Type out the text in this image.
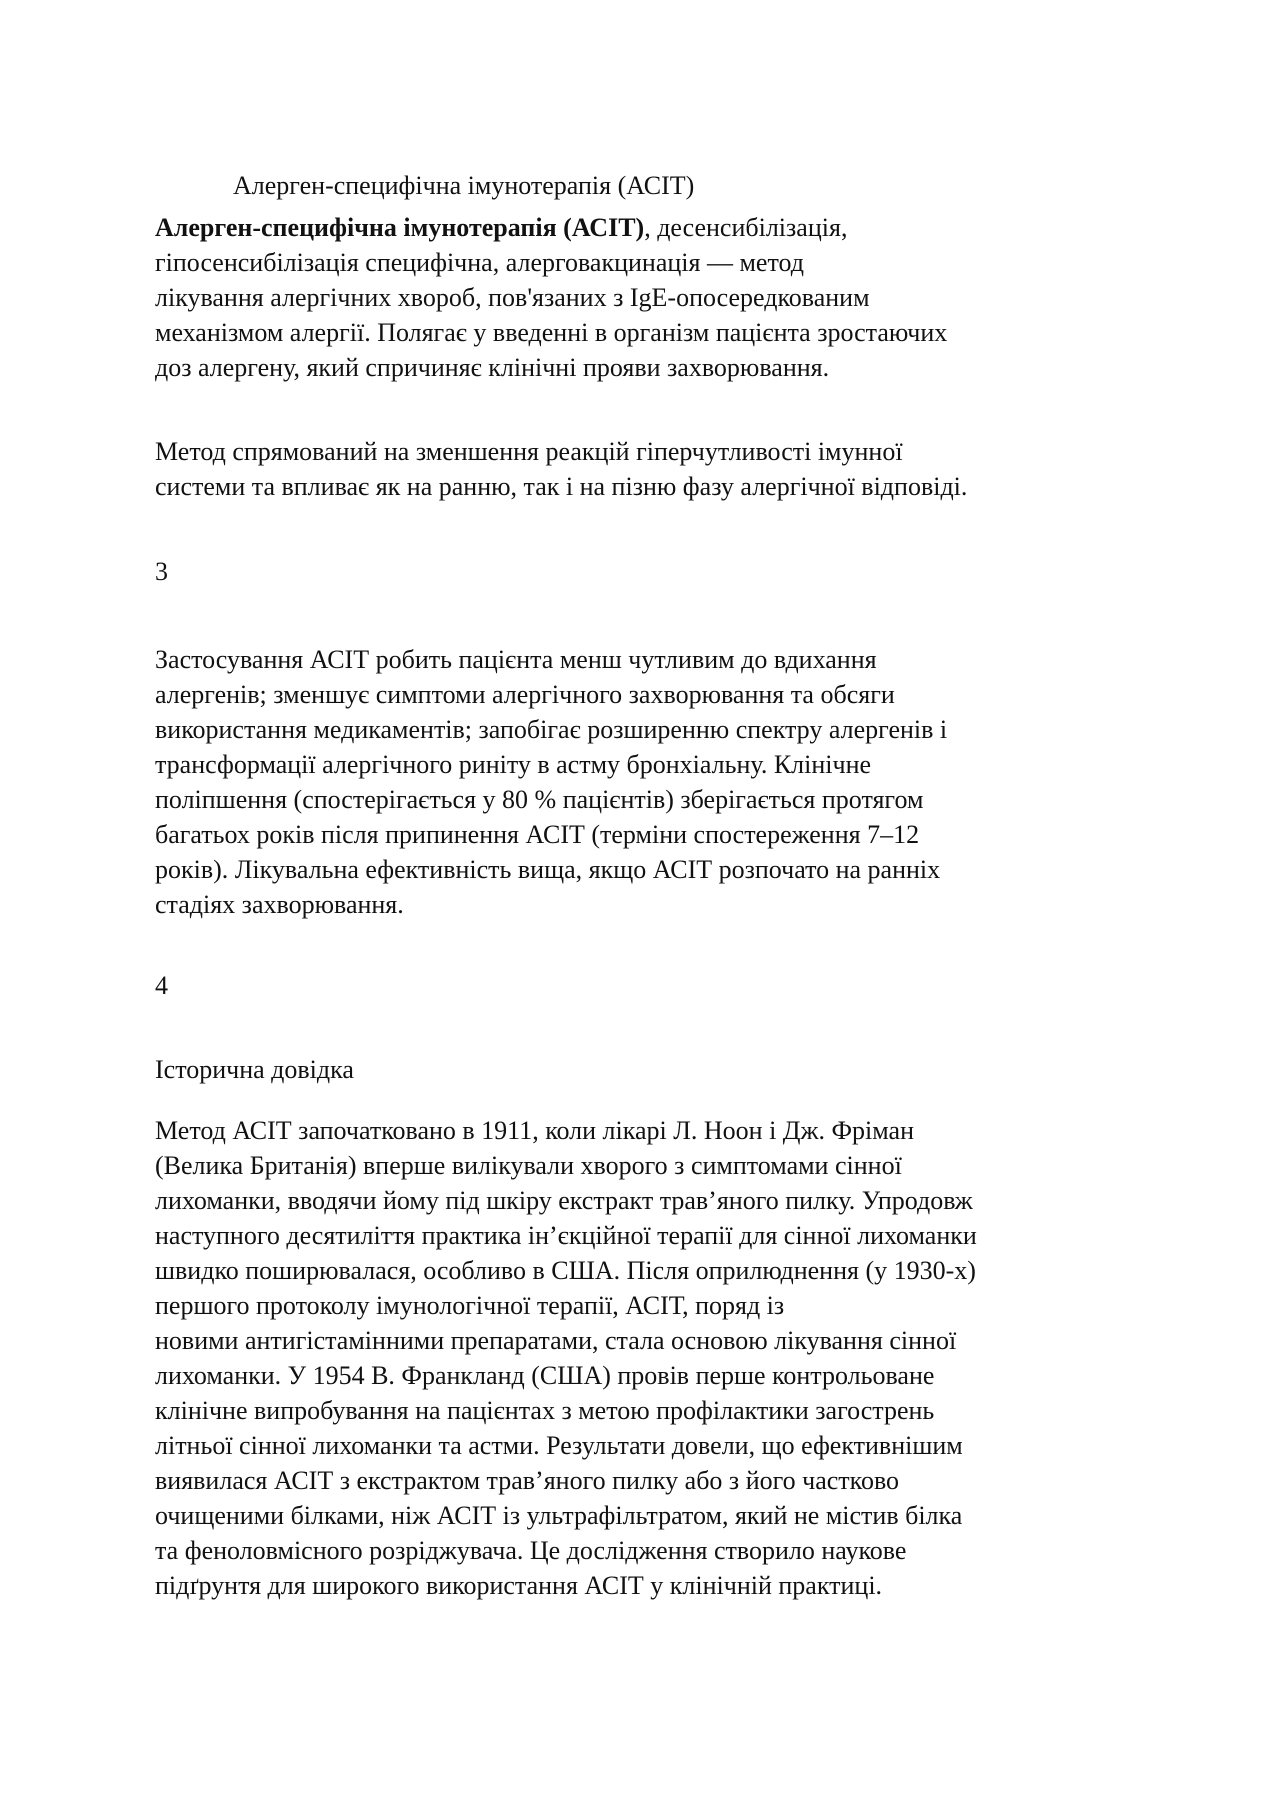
Алерген-специфічна імунотерапія (АСІТ)
Алерген-специфічна імунотерапія (АСІТ), десенсибілізація,
гіпосенсибілізація специфічна, алерговакцинація — метод
лікування алергічних хвороб, пов'язаних з IgE-опосередкованим
механізмом алергії. Полягає у введенні в організм пацієнта зростаючих
доз алергену, який спричиняє клінічні прояви захворювання.
Метод спрямований на зменшення реакцій гіперчутливості імунної
системи та впливає як на ранню, так і на пізню фазу алергічної відповіді.
3
Застосування АСІТ робить пацієнта менш чутливим до вдихання
алергенів; зменшує симптоми алергічного захворювання та обсяги
використання медикаментів; запобігає розширенню спектру алергенів і
трансформації алергічного риніту в астму бронхіальну. Клінічне
поліпшення (спостерігається у 80 % пацієнтів) зберігається протягом
багатьох років після припинення АСІТ (терміни спостереження 7–12
років). Лікувальна ефективність вища, якщо АСІТ розпочато на ранніх
стадіях захворювання.
4
Історична довідка
Метод АСІТ започатковано в 1911, коли лікарі Л. Ноон і Дж. Фріман
(Велика Британія) вперше вилікували хворого з симптомами сінної
лихоманки, вводячи йому під шкіру екстракт трав’яного пилку. Упродовж
наступного десятиліття практика ін’єкційної терапії для сінної лихоманки
швидко поширювалася, особливо в США. Після оприлюднення (у 1930-х)
першого протоколу імунологічної терапії, АСІТ, поряд із
новими антигістамінними препаратами, стала основою лікування сінної
лихоманки. У 1954 В. Франкланд (США) провів перше контрольоване
клінічне випробування на пацієнтах з метою профілактики загострень
літньої сінної лихоманки та астми. Результати довели, що ефективнішим
виявилася АСІТ з екстрактом трав’яного пилку або з його частково
очищеними білками, ніж АСІТ із ультрафільтратом, який не містив білка
та феноловмісного розріджувача. Це дослідження створило наукове
підґрунтя для широкого використання АСІТ у клінічній практиці.
